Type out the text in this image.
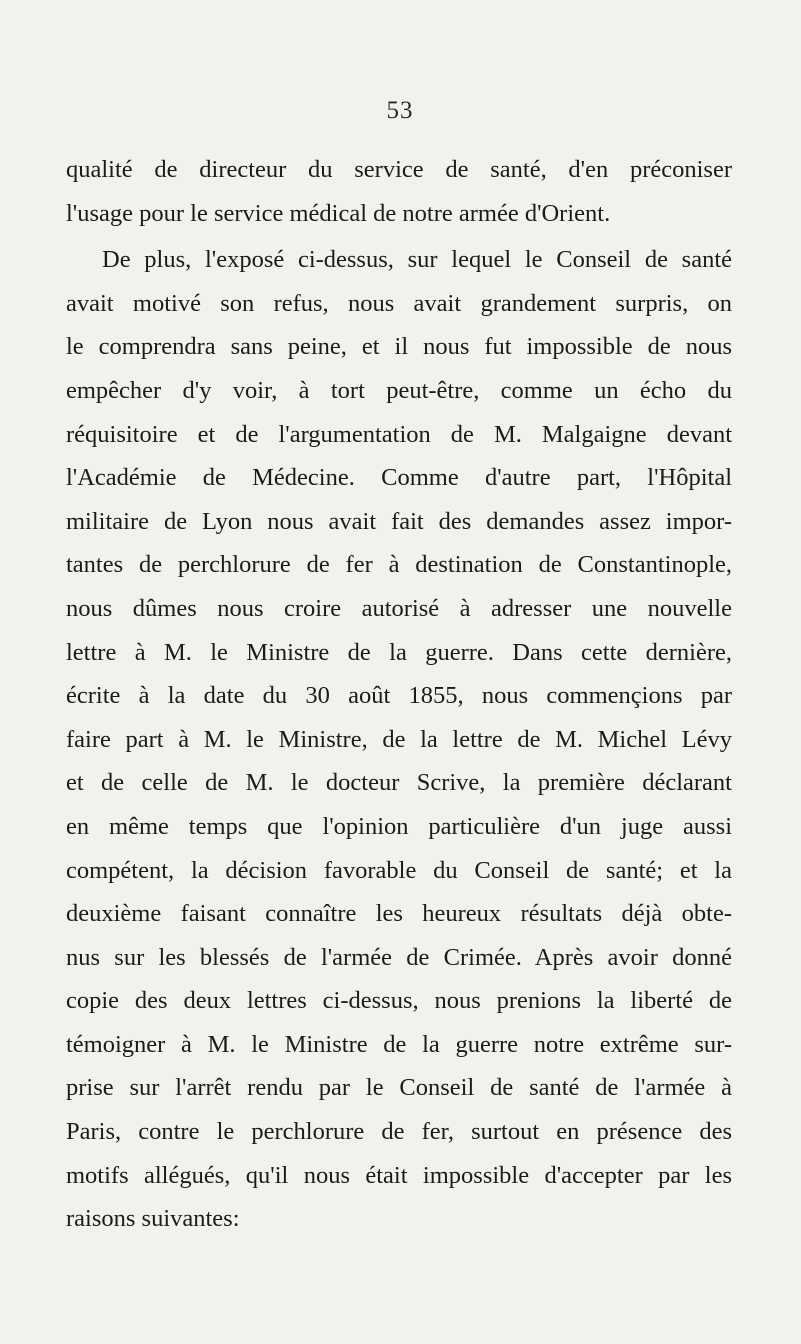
53
qualité de directeur du service de santé, d'en préconiser
l'usage pour le service médical de notre armée d'Orient.
De plus, l'exposé ci-dessus, sur lequel le Conseil de santé
avait motivé son refus, nous avait grandement surpris, on
le comprendra sans peine, et il nous fut impossible de nous
empêcher d'y voir, à tort peut-être, comme un écho du
réquisitoire et de l'argumentation de M. Malgaigne devant
l'Académie de Médecine. Comme d'autre part, l'Hôpital
militaire de Lyon nous avait fait des demandes assez impor-
tantes de perchlorure de fer à destination de Constantinople,
nous dûmes nous croire autorisé à adresser une nouvelle
lettre à M. le Ministre de la guerre. Dans cette dernière,
écrite à la date du 30 août 1855, nous commençions par
faire part à M. le Ministre, de la lettre de M. Michel Lévy
et de celle de M. le docteur Scrive, la première déclarant
en même temps que l'opinion particulière d'un juge aussi
compétent, la décision favorable du Conseil de santé; et la
deuxième faisant connaître les heureux résultats déjà obte-
nus sur les blessés de l'armée de Crimée. Après avoir donné
copie des deux lettres ci-dessus, nous prenions la liberté de
témoigner à M. le Ministre de la guerre notre extrême sur-
prise sur l'arrêt rendu par le Conseil de santé de l'armée à
Paris, contre le perchlorure de fer, surtout en présence des
motifs allégués, qu'il nous était impossible d'accepter par les
raisons suivantes:
